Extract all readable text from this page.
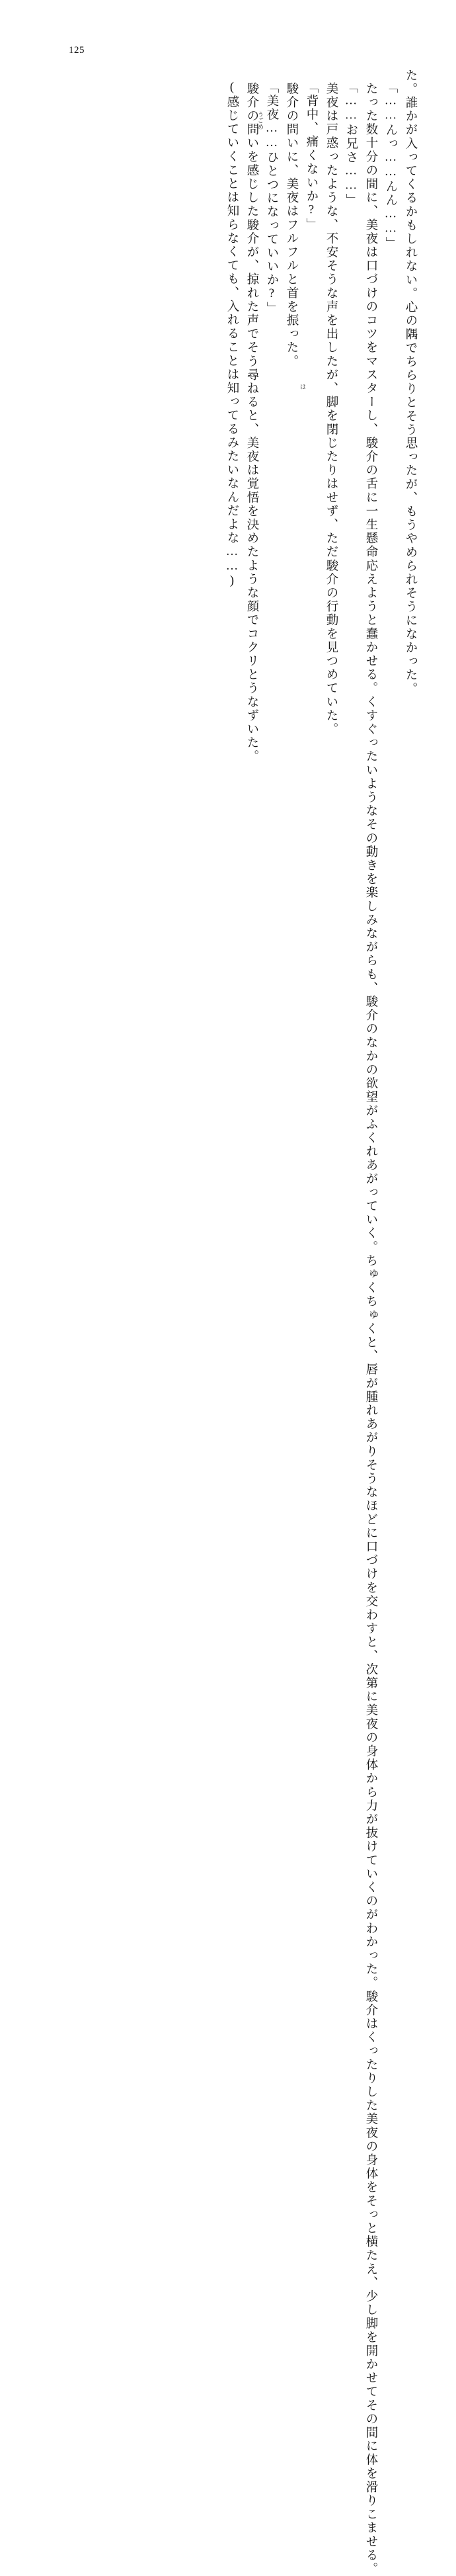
125
た。誰かが入ってくるかもしれない。心の隅でちらりとそう思ったが、もうやめられそうになかった。
「……んっ……んん……」
たった数十分の間に、美夜は口づけのコツをマスターし、駿介の舌に一生懸命応えようと蠢かせる。くすぐったいようなその動きを楽しみながらも、駿介のなかの欲望がふくれあがっていく。ちゅくちゅくと、唇が腫れあがりそうなほどに口づけを交わすと、次第に美夜の身体から力が抜けていくのがわかった。駿介はくったりした美夜の身体をそっと横たえ、少し脚を開かせてその間に体を滑りこませる。
「……お兄さ……」
美夜は戸惑ったような、不安そうな声を出したが、脚を閉じたりはせず、ただ駿介の行動を見つめていた。
「背中、痛くないか?」
駿介の問いに、美夜はフルフルと首を振った。
「美夜……ひとつになっていいか?」
駿介の問いを感じした駿介が、掠れた声でそう尋ねると、美夜は覚悟を決めたような顔でコクリとうなずいた。
(感じていくことは知らなくても、入れることは知ってるみたいなんだよな……)	うごめ
は
